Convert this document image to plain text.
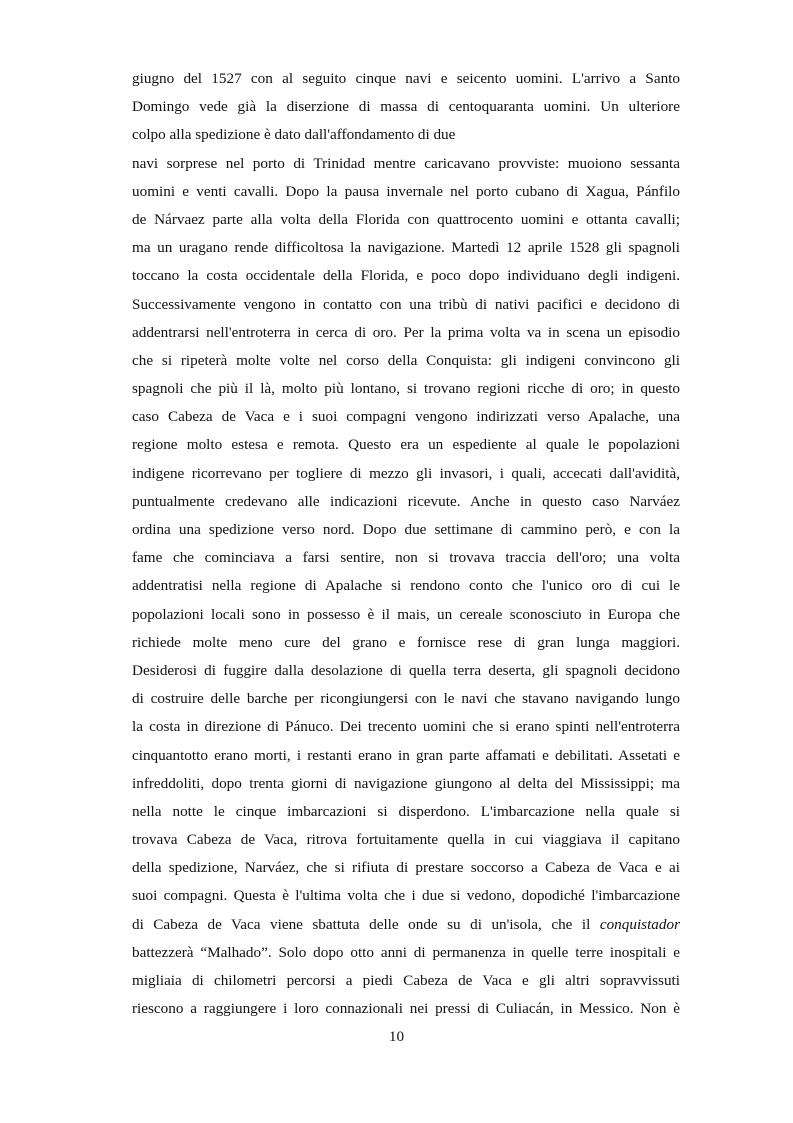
giugno del 1527 con al seguito cinque navi e seicento uomini. L'arrivo a Santo
Domingo vede già la diserzione di massa di centoquaranta uomini. Un ulteriore
colpo alla spedizione è dato dall'affondamento di due
navi sorprese nel porto di Trinidad mentre caricavano provviste: muoiono sessanta
uomini e venti cavalli. Dopo la pausa invernale nel porto cubano di Xagua, Pánfilo
de Nárvaez parte alla volta della Florida con quattrocento uomini e ottanta cavalli;
ma un uragano rende difficoltosa la navigazione. Martedì 12 aprile 1528 gli spagnoli
toccano la costa occidentale della Florida, e poco dopo individuano degli indigeni.
Successivamente vengono in contatto con una tribù di nativi pacifici e decidono di
addentrarsi nell'entroterra in cerca di oro. Per la prima volta va in scena un episodio
che si ripeterà molte volte nel corso della Conquista: gli indigeni convincono gli
spagnoli che più il là, molto più lontano, si trovano regioni ricche di oro; in questo
caso Cabeza de Vaca e i suoi compagni vengono indirizzati verso Apalache, una
regione molto estesa e remota. Questo era un espediente al quale le popolazioni
indigene ricorrevano per togliere di mezzo gli invasori, i quali, accecati dall'avidità,
puntualmente credevano alle indicazioni ricevute. Anche in questo caso Narváez
ordina una spedizione verso nord. Dopo due settimane di cammino però, e con la
fame che cominciava a farsi sentire, non si trovava traccia dell'oro; una volta
addentratisi nella regione di Apalache si rendono conto che l'unico oro di cui le
popolazioni locali sono in possesso è il mais, un cereale sconosciuto in Europa che
richiede molte meno cure del grano e fornisce rese di gran lunga maggiori.
Desiderosi di fuggire dalla desolazione di quella terra deserta, gli spagnoli decidono
di costruire delle barche per ricongiungersi con le navi che stavano navigando lungo
la costa in direzione di Pánuco. Dei trecento uomini che si erano spinti nell'entroterra
cinquantotto erano morti, i restanti erano in gran parte affamati e debilitati. Assetati e
infreddoliti, dopo trenta giorni di navigazione giungono al delta del Mississippi; ma
nella notte le cinque imbarcazioni si disperdono. L'imbarcazione nella quale si
trovava Cabeza de Vaca, ritrova fortuitamente quella in cui viaggiava il capitano
della spedizione, Narváez, che si rifiuta di prestare soccorso a Cabeza de Vaca e ai
suoi compagni. Questa è l'ultima volta che i due si vedono, dopodiché l'imbarcazione
di Cabeza de Vaca viene sbattuta delle onde su di un'isola, che il conquistador
battezzerà “Malhado”. Solo dopo otto anni di permanenza in quelle terre inospitali e
migliaia di chilometri percorsi a piedi Cabeza de Vaca e gli altri sopravvissuti
riescono a raggiungere i loro connazionali nei pressi di Culiacán, in Messico. Non è
10
